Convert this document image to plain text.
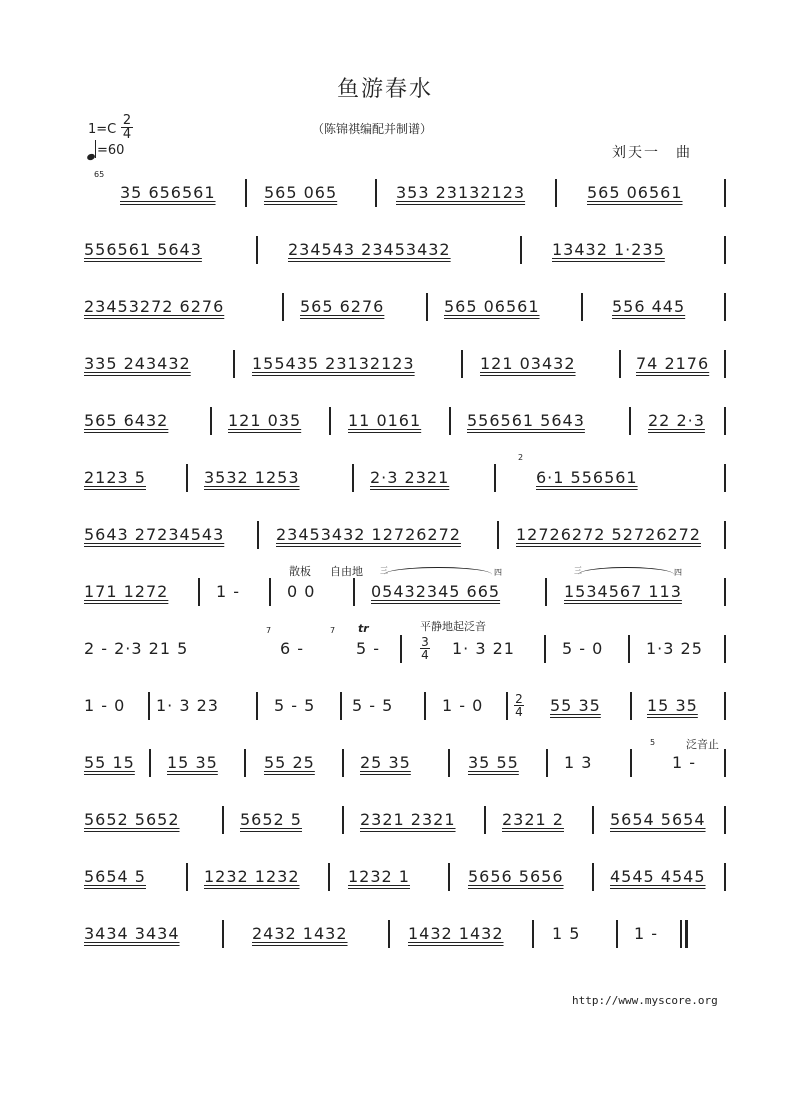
鱼游春水
（陈锦祺编配并制谱）
刘天一　曲
$1=C \frac{2}{4}$
=60
65
35 656561	565 065	353 23132123	565 06561
556561 5643	234543 23453432	13432 1·235
23453272 6276	565 6276	565 06561	556 445
335 243432	155435 23132123	121 03432	74 2176
565 6432	121 035	11 0161	556561 5643	22 2·3
2123 5	3532 1253	2·3 2321
2
6·1 556561
5643 27234543	23453432 12726272	12726272 52726272
散板 自由地 三	四	三	四
171 1272	1 -	0 0	05432345 665	1534567 113
7	7 tr	平静地起泛音
2 - 2·3 21 5	6 -	5 -	$\frac{3}{4} 1\cdot 3$ 21	5 - 0	1·3 25
1 - 0 1· 3 23	5 - 5 5 - 5	1 - 0	$\frac{2}{4} 55$ 35	15 35
55 15 15 35	55 25	25 35	35 55	1 3
5	泛音止
1 -
5652 5652	5652 5	2321 2321	2321 2	5654 5654
5654 5	1232 1232	1232 1	5656 5656	4545 4545
3434 3434	2432 1432	1432 1432	1 5	1 -
http://www.myscore.org
